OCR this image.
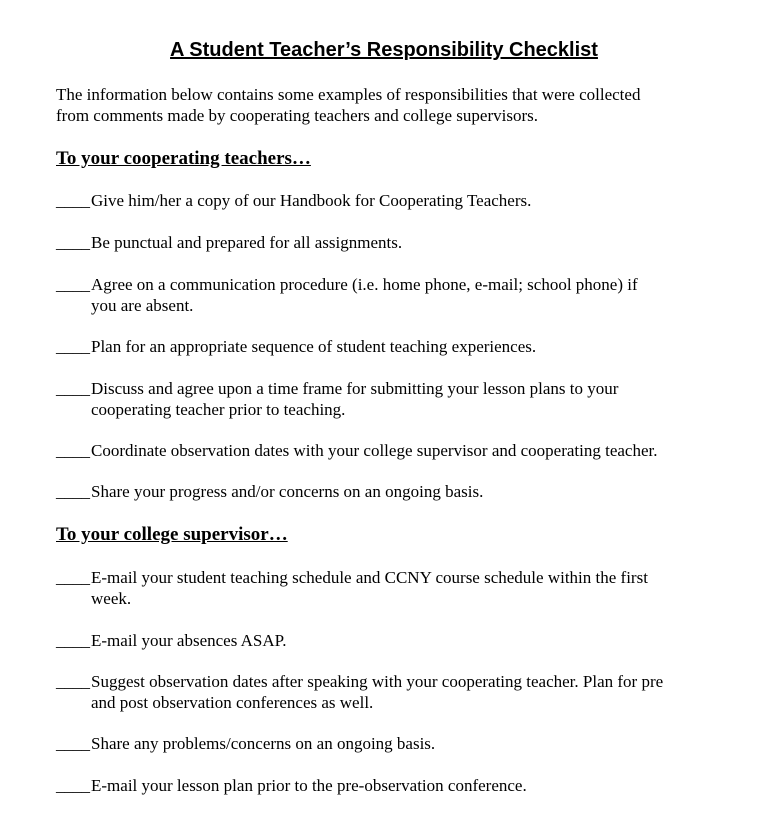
A Student Teacher’s Responsibility Checklist

The information below contains some examples of responsibilities that were collected
from comments made by cooperating teachers and college supervisors.

To your cooperating teachers…
____ Give him/her a copy of our Handbook for Cooperating Teachers.
____ Be punctual and prepared for all assignments.
____ Agree on a communication procedure (i.e. home phone, e-mail; school phone) if
you are absent.
____ Plan for an appropriate sequence of student teaching experiences.
____ Discuss and agree upon a time frame for submitting your lesson plans to your
cooperating teacher prior to teaching.
____ Coordinate observation dates with your college supervisor and cooperating teacher.
____ Share your progress and/or concerns on an ongoing basis.
To your college supervisor…
____ E-mail your student teaching schedule and CCNY course schedule within the first
week.
____ E-mail your absences ASAP.
____ Suggest observation dates after speaking with your cooperating teacher. Plan for pre
and post observation conferences as well.
____ Share any problems/concerns on an ongoing basis.
____ E-mail your lesson plan prior to the pre-observation conference.
